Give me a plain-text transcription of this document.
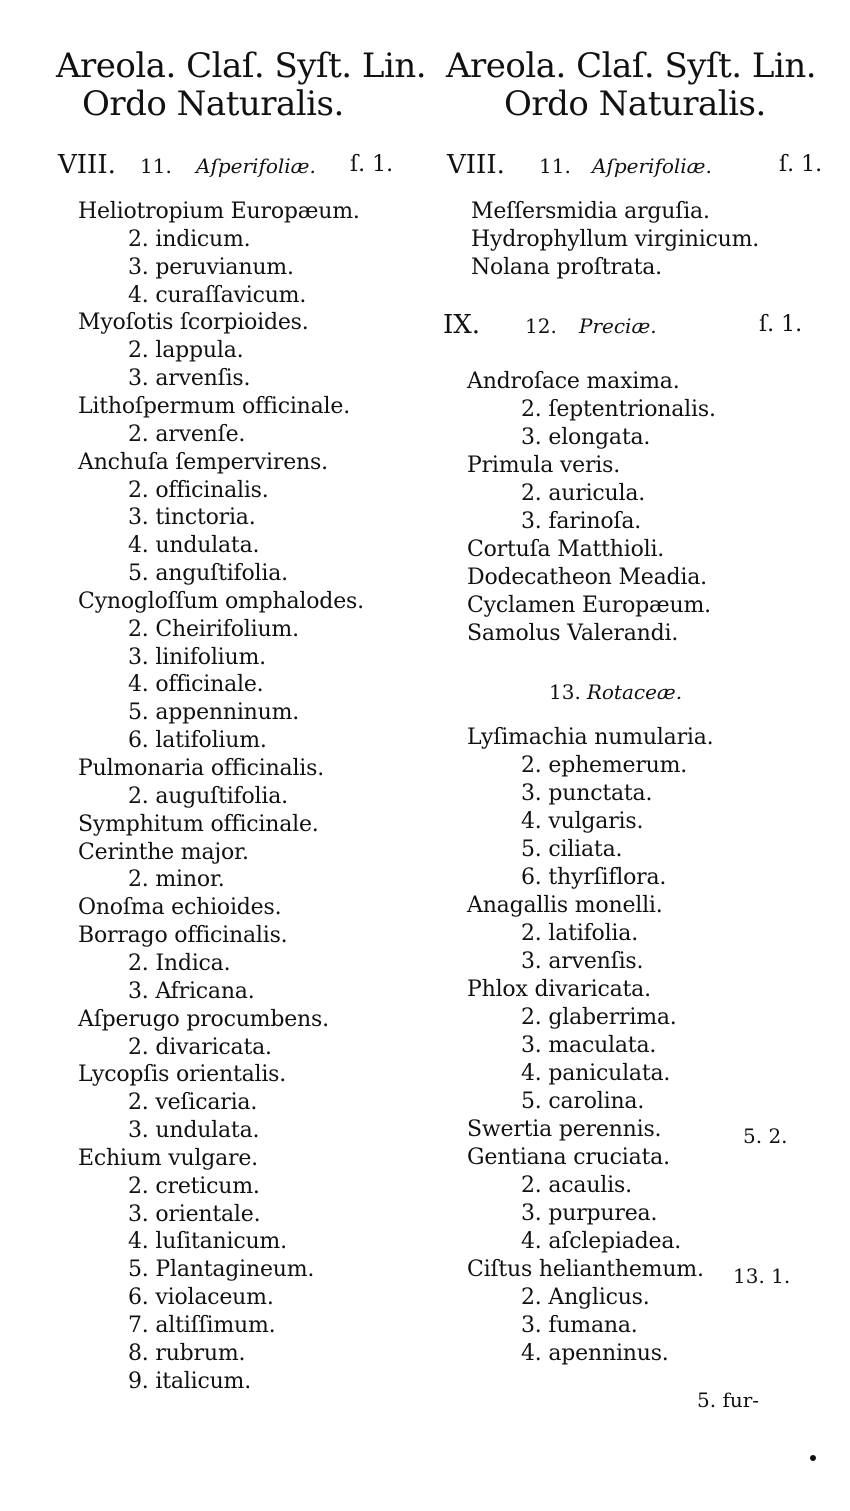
Areola. Claſ. Syſt. Lin.
Ordo Naturalis.
VIII. 11. Aſperifoliæ. ſ. 1.
Heliotropium Europæum.
2. indicum.
3. peruvianum.
4. curaſſavicum.
Myoſotis ſcorpioides.
2. lappula.
3. arvenſis.
Lithoſpermum officinale.
2. arvenſe.
Anchuſa ſempervirens.
2. officinalis.
3. tinctoria.
4. undulata.
5. anguſtifolia.
Cynogloſſum omphalodes.
2. Cheirifolium.
3. linifolium.
4. officinale.
5. appenninum.
6. latifolium.
Pulmonaria officinalis.
2. auguſtifolia.
Symphitum officinale.
Cerinthe major.
2. minor.
Onoſma echioides.
Borrago officinalis.
2. Indica.
3. Africana.
Aſperugo procumbens.
2. divaricata.
Lycopſis orientalis.
2. veſicaria.
3. undulata.
Echium vulgare.
2. creticum.
3. orientale.
4. luſitanicum.
5. Plantagineum.
6. violaceum.
7. altiſſimum.
8. rubrum.
9. italicum.
Areola. Claſ. Syſt. Lin.
Ordo Naturalis.
VIII. 11. Aſperifoliæ.	ſ. 1.
IX. 12. Preciæ.	ſ. 1.
13. Rotaceæ.
Meſſersmidia arguſia.
Hydrophyllum virginicum.
Nolana proſtrata.
Androſace maxima.
2. ſeptentrionalis.
3. elongata.
Primula veris.
2. auricula.
3. farinoſa.
Cortuſa Matthioli.
Dodecatheon Meadia.
Cyclamen Europæum.
Samolus Valerandi.
Lyſimachia numularia.
2. ephemerum.
3. punctata.
4. vulgaris.
5. ciliata.
6. thyrſiflora.
Anagallis monelli.
2. latifolia.
3. arvenſis.
Phlox divaricata.
2. glaberrima.
3. maculata.
4. paniculata.
5. carolina.
Swertia perennis.
Gentiana cruciata.
2. acaulis.
3. purpurea.
4. aſclepiadea.
Ciſtus helianthemum.
2. Anglicus.
3. fumana.
4. apenninus.
5. 2.
13. 1.
5. fur-
